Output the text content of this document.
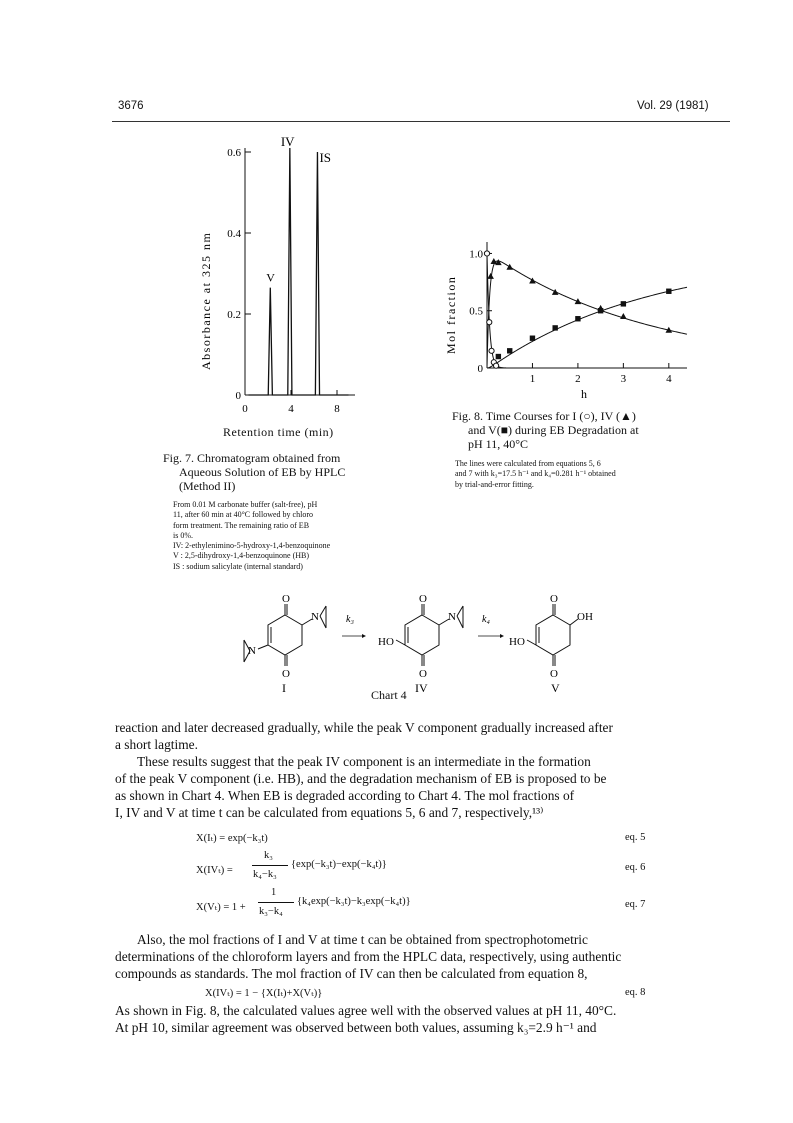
3676	Vol. 29 (1981)
Absorbance at 325 nm
0
0.2
0.4
0.6
0	4	8
IV
IS
V
Retention time (min)
Fig. 7. Chromatogram obtained from
Aqueous Solution of EB by HPLC
(Method II)
From 0.01 M carbonate buffer (salt-free), pH
11, after 60 min at 40°C followed by chloro
form treatment. The remaining ratio of EB
is 0%.
IV: 2-ethylenimino-5-hydroxy-1,4-benzoquinone
V : 2,5-dihydroxy-1,4-benzoquinone (HB)
IS : sodium salicylate (internal standard)
Mol fraction
0
0.5
1.0
1	2	3	4
h
Fig. 8. Time Courses for I (○), IV (▲)
and V(■) during EB Degradation at
pH 11, 40°C
The lines were calculated from equations 5, 6
and 7 with k₃=17.5 h⁻¹ and k₄=0.281 h⁻¹ obtained
by trial-and-error fitting.
O
O
N
N
I
k₃
O
O
N
HO
IV
k₄
O
O
OH
HO
V
Chart 4
reaction and later decreased gradually, while the peak V component gradually increased after
a short lagtime.
These results suggest that the peak IV component is an intermediate in the formation
of the peak V component (i.e. HB), and the degradation mechanism of EB is proposed to be
as shown in Chart 4. When EB is degraded according to Chart 4. The mol fractions of
I, IV and V at time t can be calculated from equations 5, 6 and 7, respectively,¹³⁾
X(Iₜ) = exp(−k₃t)	eq. 5
X(IVₜ) =
k₃
k₄−k₃
{exp(−k₃t)−exp(−k₄t)}	eq. 6
X(Vₜ) = 1 +
1
k₃−k₄
{k₄exp(−k₃t)−k₃exp(−k₄t)}	eq. 7
Also, the mol fractions of I and V at time t can be obtained from spectrophotometric
determinations of the chloroform layers and from the HPLC data, respectively, using authentic
compounds as standards. The mol fraction of IV can then be calculated from equation 8,
X(IVₜ) = 1 − {X(Iₜ)+X(Vₜ)}	eq. 8
As shown in Fig. 8, the calculated values agree well with the observed values at pH 11, 40°C.
At pH 10, similar agreement was observed between both values, assuming k₃=2.9 h⁻¹ and
